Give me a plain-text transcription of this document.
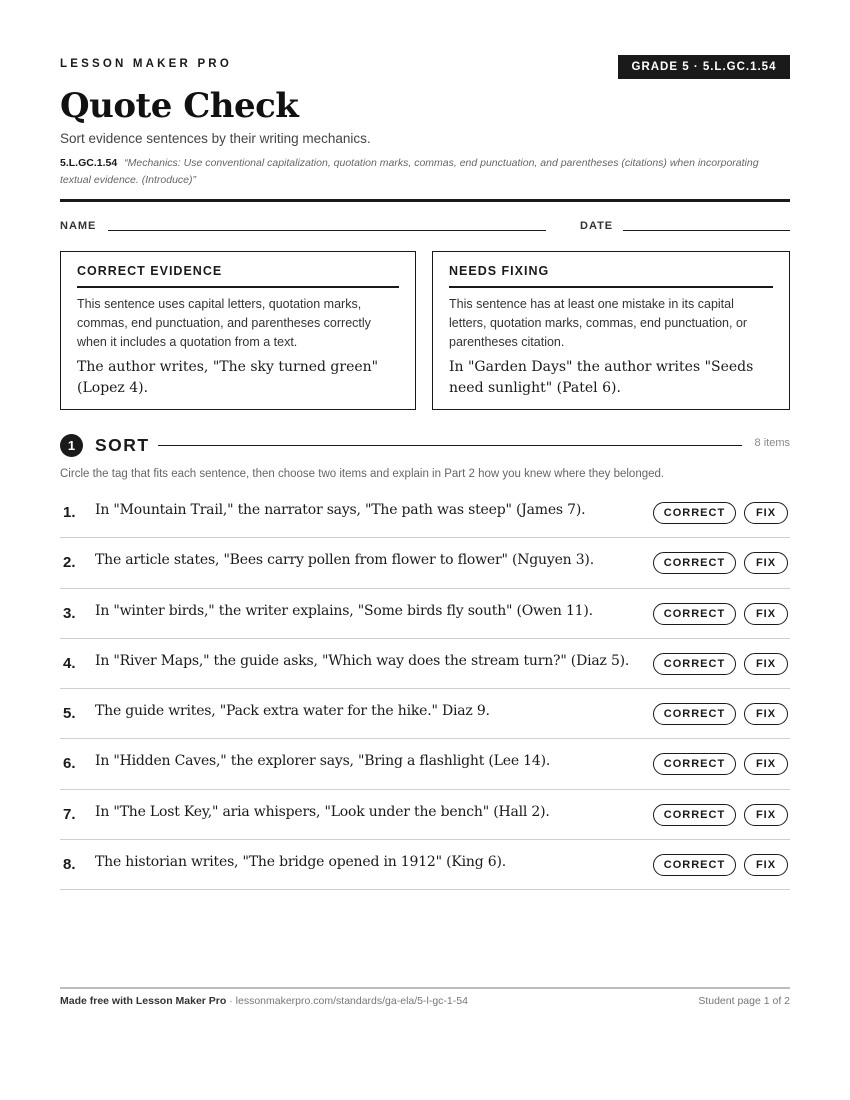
LESSON MAKER PRO	GRADE 5 · 5.L.GC.1.54
Quote Check
Sort evidence sentences by their writing mechanics.
5.L.GC.1.54 “Mechanics: Use conventional capitalization, quotation marks, commas, end punctuation, and parentheses (citations) when incorporating textual evidence. (Introduce)”
NAME	DATE
CORRECT EVIDENCE
This sentence uses capital letters, quotation marks, commas, end punctuation, and parentheses correctly when it includes a quotation from a text.
The author writes, "The sky turned green" (Lopez 4).
NEEDS FIXING
This sentence has at least one mistake in its capital letters, quotation marks, commas, end punctuation, or parentheses citation.
In "Garden Days" the author writes "Seeds need sunlight" (Patel 6).
1	SORT	8 items
Circle the tag that fits each sentence, then choose two items and explain in Part 2 how you knew where they belonged.
1. In "Mountain Trail," the narrator says, "The path was steep" (James 7).	CORRECT	FIX
2. The article states, "Bees carry pollen from flower to flower" (Nguyen 3).	CORRECT	FIX
3. In "winter birds," the writer explains, "Some birds fly south" (Owen 11).	CORRECT	FIX
4. In "River Maps," the guide asks, "Which way does the stream turn?" (Diaz 5).	CORRECT	FIX
5. The guide writes, "Pack extra water for the hike." Diaz 9.	CORRECT	FIX
6. In "Hidden Caves," the explorer says, "Bring a flashlight (Lee 14).	CORRECT	FIX
7. In "The Lost Key," aria whispers, "Look under the bench" (Hall 2).	CORRECT	FIX
8. The historian writes, "The bridge opened in 1912" (King 6).	CORRECT	FIX
Made free with Lesson Maker Pro · lessonmakerpro.com/standards/ga-ela/5-l-gc-1-54	Student page 1 of 2
